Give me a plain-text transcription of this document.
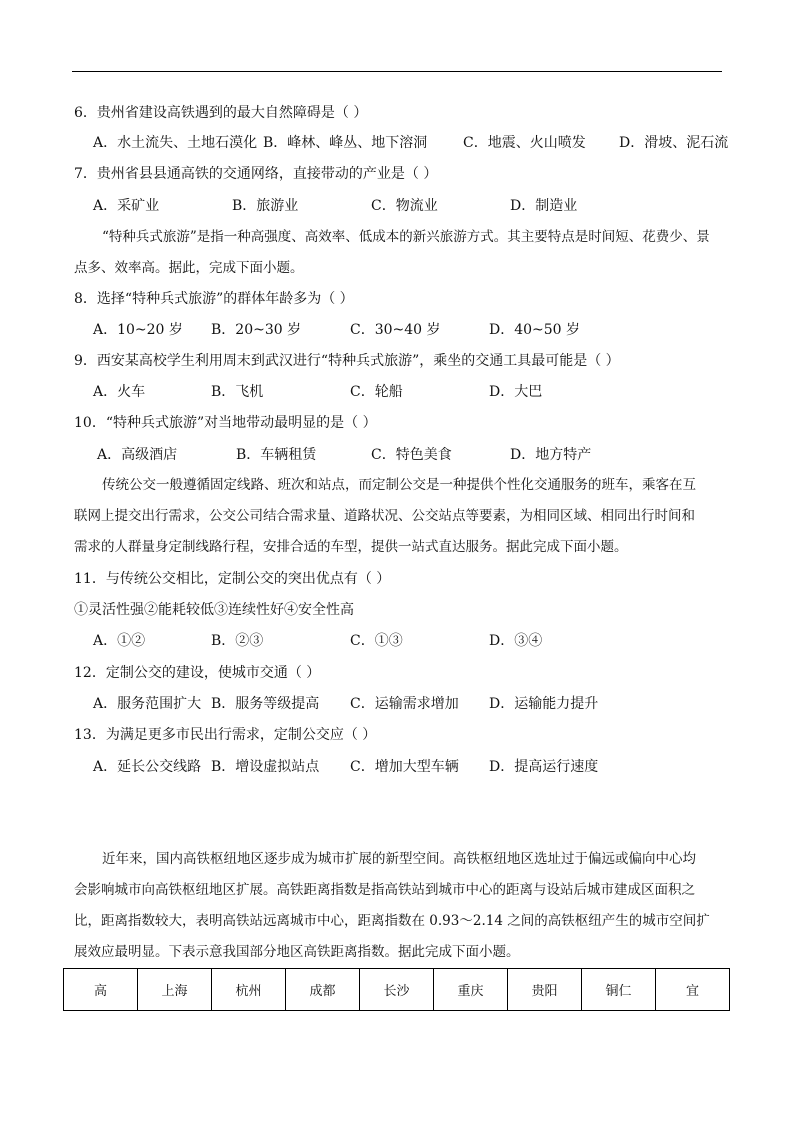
6．贵州省建设高铁遇到的最大自然障碍是（ ）
A．水土流失、土地石漠化 B．峰林、峰丛、地下溶洞	C．地震、火山喷发 D．滑坡、泥石流
7．贵州省县县通高铁的交通网络，直接带动的产业是（ ）
A．采矿业	B．旅游业	C．物流业	D．制造业

“特种兵式旅游”是指一种高强度、高效率、低成本的新兴旅游方式。其主要特点是时间短、花费少、景

点多、效率高。据此，完成下面小题。

8．选择“特种兵式旅游”的群体年龄多为（ ）
A．10~20 岁 B．20~30 岁	C．30~40 岁	D．40~50 岁
9．西安某高校学生利用周末到武汉进行“特种兵式旅游”，乘坐的交通工具最可能是（ ）
A．火车	B．飞机	C．轮船	D．大巴
10．“特种兵式旅游”对当地带动最明显的是（ ）
A．高级酒店	B．车辆租赁	C．特色美食	D．地方特产

传统公交一般遵循固定线路、班次和站点，而定制公交是一种提供个性化交通服务的班车，乘客在互

联网上提交出行需求，公交公司结合需求量、道路状况、公交站点等要素，为相同区域、相同出行时间和

需求的人群量身定制线路行程，安排合适的车型，提供一站式直达服务。据此完成下面小题。

11．与传统公交相比，定制公交的突出优点有（ ）
①灵活性强②能耗较低③连续性好④安全性高
A．①②	B．②③	C．①③	D．③④
12．定制公交的建设，使城市交通（ ）
A．服务范围扩大 B．服务等级提高 C．运输需求增加 D．运输能力提升
13．为满足更多市民出行需求，定制公交应（ ）
A．延长公交线路 B．增设虚拟站点 C．增加大型车辆 D．提高运行速度

近年来，国内高铁枢纽地区逐步成为城市扩展的新型空间。高铁枢纽地区选址过于偏远或偏向中心均

会影响城市向高铁枢纽地区扩展。高铁距离指数是指高铁站到城市中心的距离与设站后城市建成区面积之

比，距离指数较大，表明高铁站远离城市中心，距离指数在 0.93～2.14 之间的高铁枢纽产生的城市空间扩

展效应最明显。下表示意我国部分地区高铁距离指数。据此完成下面小题。

高	上海	杭州	成都	长沙	重庆	贵阳	铜仁	宜
